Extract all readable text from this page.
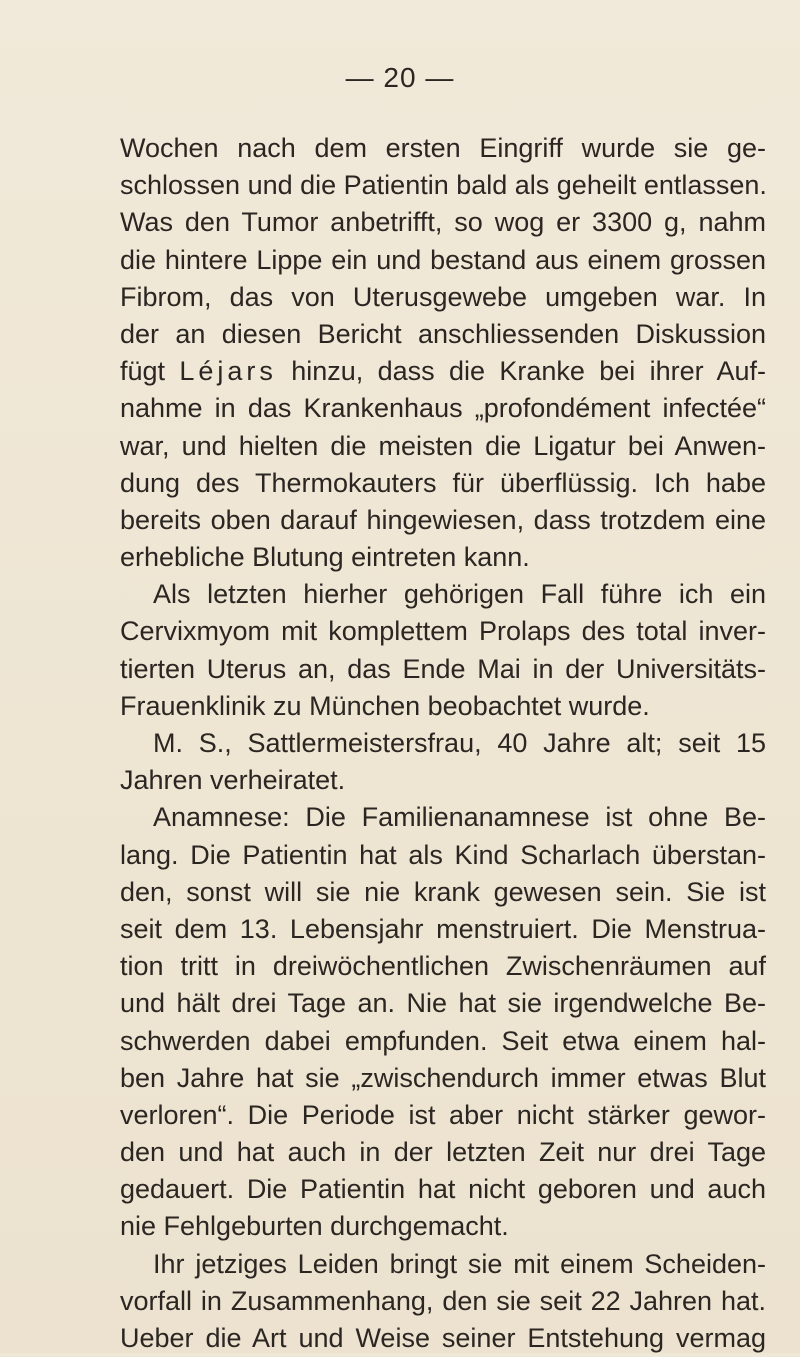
— 20 —
Wochen nach dem ersten Eingriff wurde sie ge-
schlossen und die Patientin bald als geheilt entlassen.
Was den Tumor anbetrifft, so wog er 3300 g, nahm
die hintere Lippe ein und bestand aus einem grossen
Fibrom, das von Uterusgewebe umgeben war. In
der an diesen Bericht anschliessenden Diskussion
fügt Léjars hinzu, dass die Kranke bei ihrer Auf-
nahme in das Krankenhaus „profondément infectée“
war, und hielten die meisten die Ligatur bei Anwen-
dung des Thermokauters für überflüssig. Ich habe
bereits oben darauf hingewiesen, dass trotzdem eine
erhebliche Blutung eintreten kann.
Als letzten hierher gehörigen Fall führe ich ein
Cervixmyom mit komplettem Prolaps des total inver-
tierten Uterus an, das Ende Mai in der Universitäts-
Frauenklinik zu München beobachtet wurde.
M. S., Sattlermeistersfrau, 40 Jahre alt; seit 15
Jahren verheiratet.
Anamnese: Die Familienanamnese ist ohne Be-
lang. Die Patientin hat als Kind Scharlach überstan-
den, sonst will sie nie krank gewesen sein. Sie ist
seit dem 13. Lebensjahr menstruiert. Die Menstrua-
tion tritt in dreiwöchentlichen Zwischenräumen auf
und hält drei Tage an. Nie hat sie irgendwelche Be-
schwerden dabei empfunden. Seit etwa einem hal-
ben Jahre hat sie „zwischendurch immer etwas Blut
verloren“. Die Periode ist aber nicht stärker gewor-
den und hat auch in der letzten Zeit nur drei Tage
gedauert. Die Patientin hat nicht geboren und auch
nie Fehlgeburten durchgemacht.
Ihr jetziges Leiden bringt sie mit einem Scheiden-
vorfall in Zusammenhang, den sie seit 22 Jahren hat.
Ueber die Art und Weise seiner Entstehung vermag
